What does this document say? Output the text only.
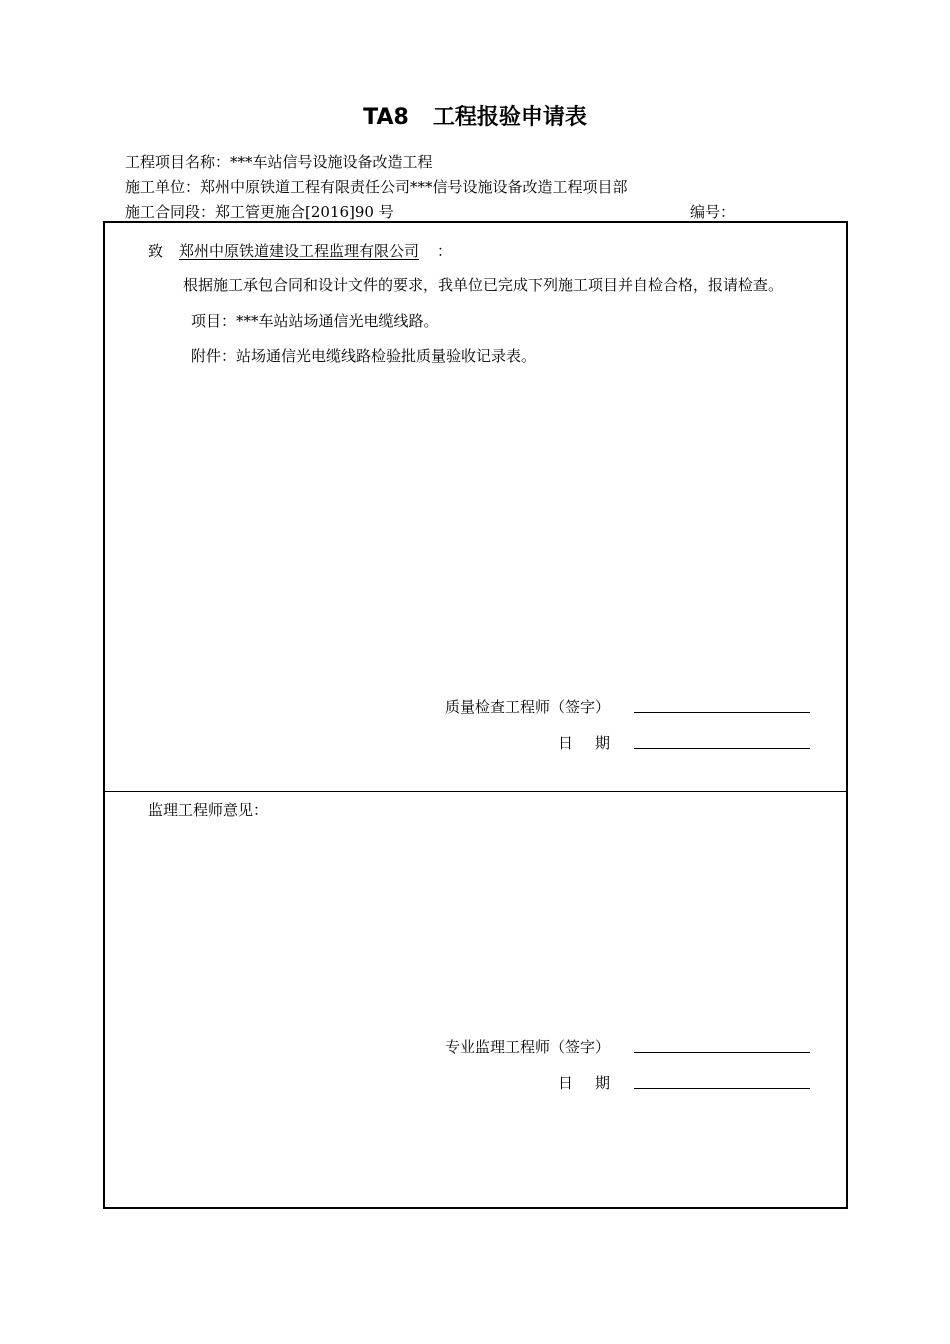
TA8 工程报验申请表
工程项目名称：***车站信号设施设备改造工程
施工单位：郑州中原铁道工程有限责任公司***信号设施设备改造工程项目部
施工合同段：郑工管更施合[2016]90 号	编号：
致 郑州中原铁道建设工程监理有限公司 ：
根据施工承包合同和设计文件的要求，我单位已完成下列施工项目并自检合格，报请检查。
项目：***车站站场通信光电缆线路。
附件：站场通信光电缆线路检验批质量验收记录表。
质量检查工程师（签字）
日期
监理工程师意见：
专业监理工程师（签字）
日期
